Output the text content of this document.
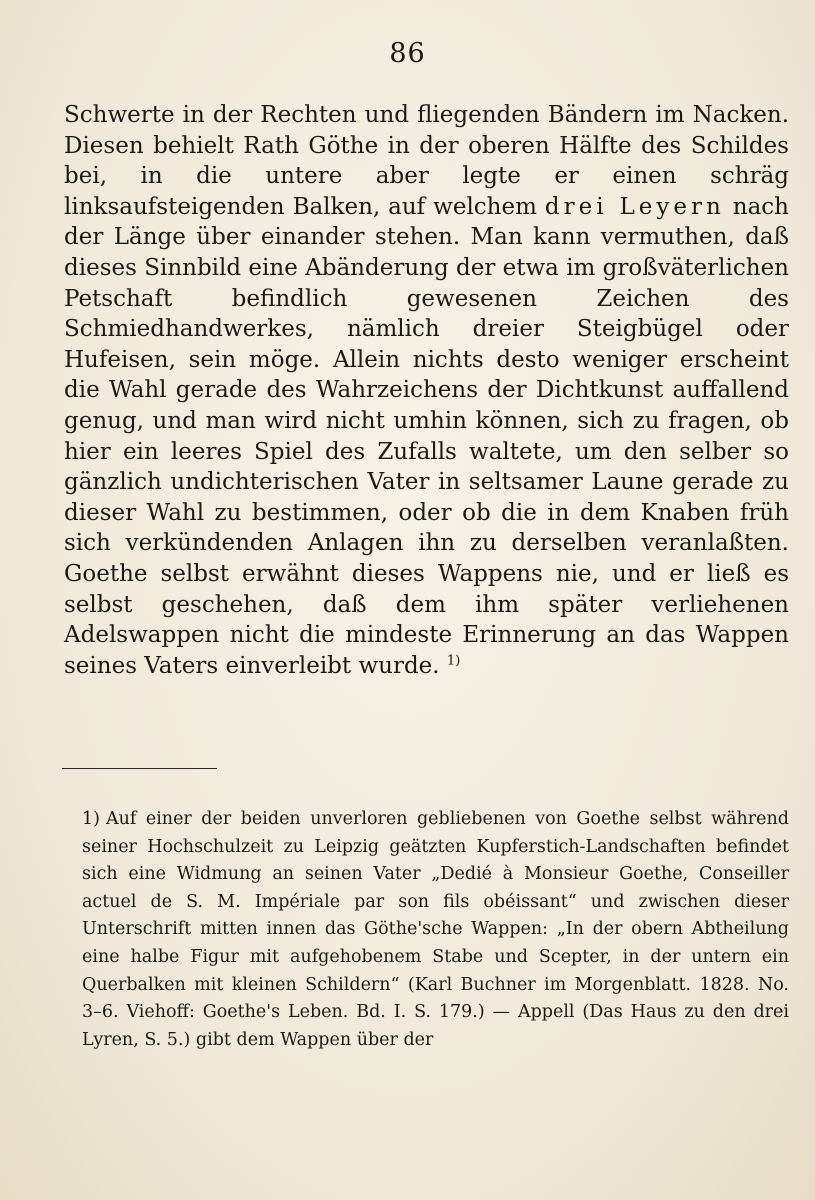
86

Schwerte in der Rechten und fliegenden Bändern im Nacken. Diesen behielt Rath Göthe in der oberen Hälfte des Schildes bei, in die untere aber legte er einen schräg linksaufsteigenden Balken, auf welchem drei Leyern nach der Länge über einander stehen. Man kann vermuthen, daß dieses Sinnbild eine Abänderung der etwa im großväterlichen Petschaft befindlich gewesenen Zeichen des Schmiedhandwerkes, nämlich dreier Steigbügel oder Hufeisen, sein möge. Allein nichts desto weniger erscheint die Wahl gerade des Wahrzeichens der Dichtkunst auffallend genug, und man wird nicht umhin können, sich zu fragen, ob hier ein leeres Spiel des Zufalls waltete, um den selber so gänzlich undichterischen Vater in seltsamer Laune gerade zu dieser Wahl zu bestimmen, oder ob die in dem Knaben früh sich verkündenden Anlagen ihn zu derselben veranlaßten. Goethe selbst erwähnt dieses Wappens nie, und er ließ es selbst geschehen, daß dem ihm später verliehenen Adelswappen nicht die mindeste Erinnerung an das Wappen seines Vaters einverleibt wurde. $^{1)}$

1) Auf einer der beiden unverloren gebliebenen von Goethe selbst während seiner Hochschulzeit zu Leipzig geätzten Kupferstich-Landschaften befindet sich eine Widmung an seinen Vater „Dedié à Monsieur Goethe, Conseiller actuel de S. M. Impériale par son fils obéissant“ und zwischen dieser Unterschrift mitten innen das Göthe'sche Wappen: „In der obern Abtheilung eine halbe Figur mit aufgehobenem Stabe und Scepter, in der untern ein Querbalken mit kleinen Schildern“ (Karl Buchner im Morgenblatt. 1828. No. 3–6. Viehoff: Goethe's Leben. Bd. I. S. 179.) — Appell (Das Haus zu den drei Lyren, S. 5.) gibt dem Wappen über der
